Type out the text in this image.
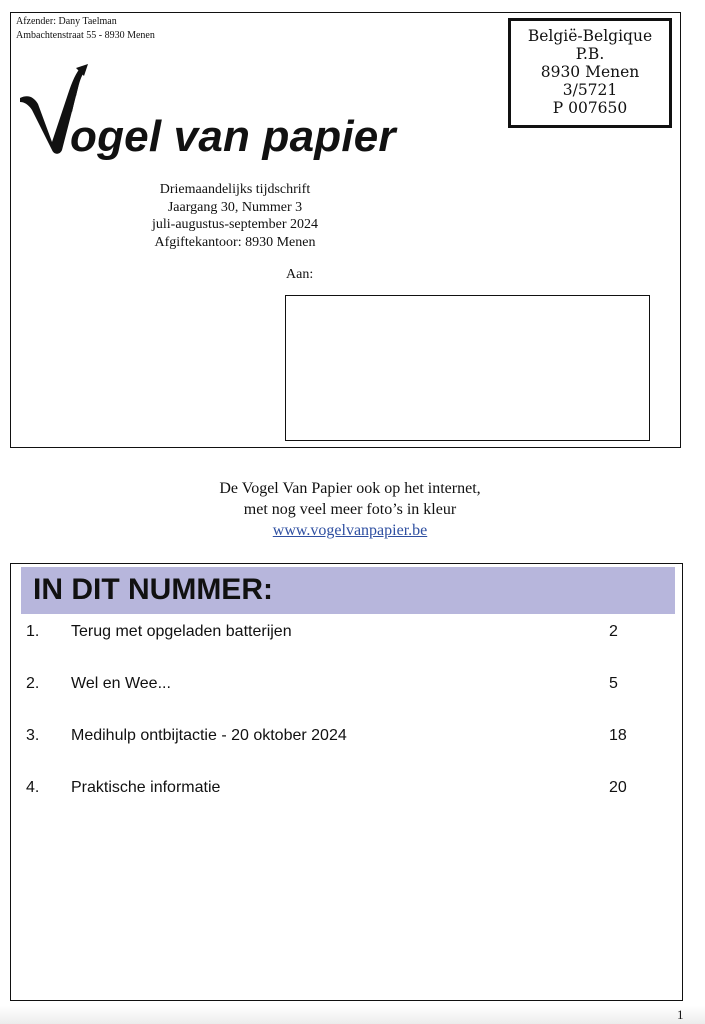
Afzender: Dany Taelman
Ambachtenstraat 55 - 8930 Menen	België-Belgique
P.B.
8930 Menen
3/5721
P 007650
ogel van papier
Driemaandelijks tijdschrift
Jaargang 30, Nummer 3
juli-augustus-september 2024
Afgiftekantoor: 8930 Menen
Aan:
De Vogel Van Papier ook op het internet,
met nog veel meer foto’s in kleur
www.vogelvanpapier.be
IN DIT NUMMER:
1. Terug met opgeladen batterijen	2
2. Wel en Wee...	5
3. Medihulp ontbijtactie - 20 oktober 2024	18
4. Praktische informatie	20
1
